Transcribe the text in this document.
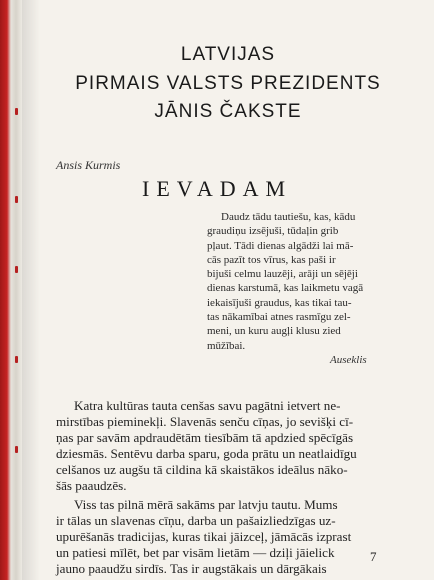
LATVIJAS
PIRMAIS VALSTS PREZIDENTS
JĀNIS ČAKSTE
Ansis Kurmis
IEVADAM
Daudz tādu tautiešu, kas, kādu
graudiņu izsējuši, tūdaļin grib
pļaut. Tādi dienas algādži lai mā-
cās pazīt tos vīrus, kas paši ir
bijuši celmu lauzēji, arāji un sējēji
dienas karstumā, kas laikmetu vagā
iekaisījuši graudus, kas tikai tau-
tas nākamībai atnes rasmīgu zel-
meni, un kuru augļi klusu zied
mūžībai.
Auseklis
Katra kultūras tauta cenšas savu pagātni ietvert ne-
mirstības pieminekļi. Slavenās senču cīņas, jo sevišķi cī-
ņas par savām apdraudētām tiesībām tā apdzied spēcīgās
dziesmās. Sentēvu darba sparu, goda prātu un neatlaidīgu
celšanos uz augšu tā cildina kā skaistākos ideālus nāko-
šās paaudzēs.
Viss tas pilnā mērā sakāms par latvju tautu. Mums
ir tālas un slavenas cīņu, darba un pašaizliedzīgas uz-
upurēšanās tradicijas, kuras tikai jāizceļ, jāmācās izprast
un patiesi mīlēt, bet par visām lietām — dziļi jāielick
jauno paaudžu sirdīs. Tas ir augstākais un dārgākais
7
